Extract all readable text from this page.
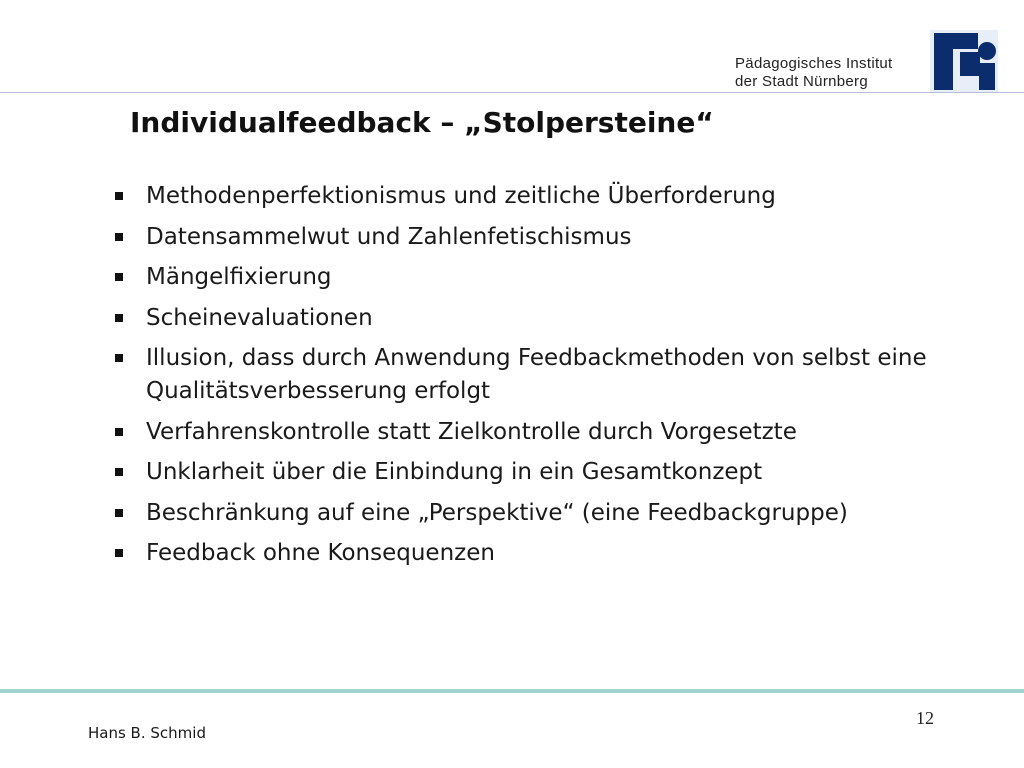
Pädagogisches Institut
der Stadt Nürnberg
Individualfeedback – „Stolpersteine“
Methodenperfektionismus und zeitliche Überforderung
Datensammelwut und Zahlenfetischismus
Mängelfixierung
Scheinevaluationen
Illusion, dass durch Anwendung Feedbackmethoden von selbst eine Qualitätsverbesserung erfolgt
Verfahrenskontrolle statt Zielkontrolle durch Vorgesetzte
Unklarheit über die Einbindung in ein Gesamtkonzept
Beschränkung auf eine „Perspektive“ (eine Feedbackgruppe)
Feedback ohne Konsequenzen
Hans B. Schmid
12
